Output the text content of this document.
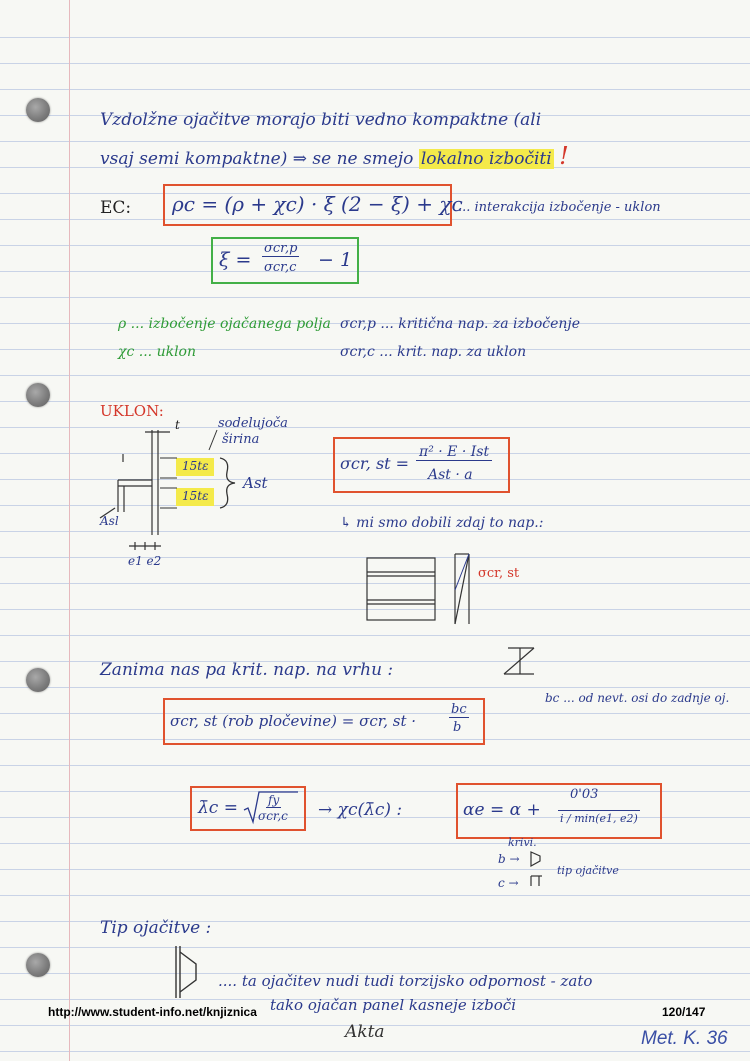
Vzdolžne ojačitve morajo biti vedno kompaktne (ali
vsaj semi kompaktne) ⇒ se ne smejo lokalno izbočiti !
EC: ρc = (ρ + χc) · ξ (2 − ξ) + χc
... interakcija izbočenje - uklon
ξ =
σcr,p
σcr,c − 1
ρ ... izbočenje ojačanega polja σcr,p ... kritična nap. za izbočenje
χc ... uklon	σcr,c ... krit. nap. za uklon
UKLON:
t	sodelujoča
širina
15tε
15tε
Ast
Asl
e1 e2
σcr, st =
π² · E · Ist
Ast · a
↳ mi smo dobili zdaj to nap.:
σcr, st
Zanima nas pa krit. nap. na vrhu :
bc ... od nevt. osi do zadnje oj.
σcr, st (rob pločevine) = σcr, st ·
bc
b
λ̄c =	fy
σcr,c → χc(λ̄c) :	αe = α +
0'03
i / min(e1, e2)
krivi.
b →
c →
tip ojačitve
Tip ojačitve :
.... ta ojačitev nudi tudi torzijsko odpornost - zato
tako ojačan panel kasneje izboči
http://www.student-info.net/knjiznica	120/147
Akta	Met. K. 36
